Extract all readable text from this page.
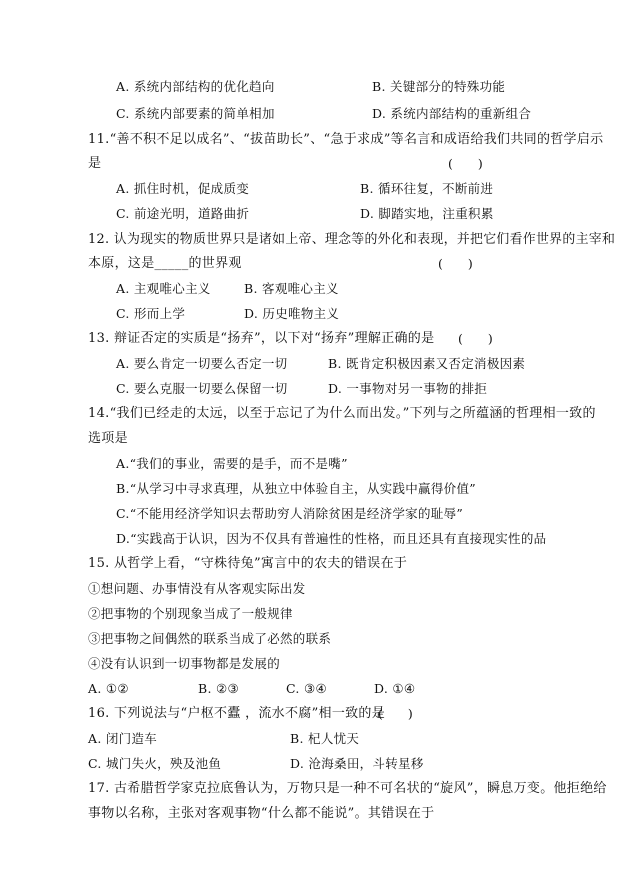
A. 系统内部结构的优化趋向	B. 关键部分的特殊功能
C. 系统内部要素的简单相加	D. 系统内部结构的重新组合
11.“善不积不足以成名”、“拔苗助长”、“急于求成”等名言和成语给我们共同的哲学启示
是	(　　)
A. 抓住时机，促成质变	B. 循环往复，不断前进
C. 前途光明，道路曲折	D. 脚踏实地，注重积累
12. 认为现实的物质世界只是诸如上帝、理念等的外化和表现，并把它们看作世界的主宰和
本原，这是_____的世界观	(　　)
A. 主观唯心主义	B. 客观唯心主义
C. 形而上学	D. 历史唯物主义
13. 辩证否定的实质是“扬弃”，以下对“扬弃”理解正确的是 (　　)
A. 要么肯定一切要么否定一切	B. 既肯定积极因素又否定消极因素
C. 要么克服一切要么保留一切	D. 一事物对另一事物的排拒
14.“我们已经走的太远，以至于忘记了为什么而出发。”下列与之所蕴涵的哲理相一致的
选项是
A.“我们的事业，需要的是手，而不是嘴”
B.“从学习中寻求真理，从独立中体验自主，从实践中赢得价值”
C.“不能用经济学知识去帮助穷人消除贫困是经济学家的耻辱”
D.“实践高于认识，因为不仅具有普遍性的性格，而且还具有直接现实性的品
15. 从哲学上看，“守株待兔”寓言中的农夫的错误在于
①想问题、办事情没有从客观实际出发
②把事物的个别现象当成了一般规律
③把事物之间偶然的联系当成了必然的联系
④没有认识到一切事物都是发展的
A. ①②	B. ②③	C. ③④	D. ①④
16. 下列说法与“户枢不蠹 ，流水不腐”相一致的是
(　　)
A. 闭门造车	B. 杞人忧天
C. 城门失火，殃及池鱼	D. 沧海桑田，斗转星移
17. 古希腊哲学家克拉底鲁认为，万物只是一种不可名状的“旋风”，瞬息万变。他拒绝给
事物以名称，主张对客观事物“什么都不能说”。其错误在于
